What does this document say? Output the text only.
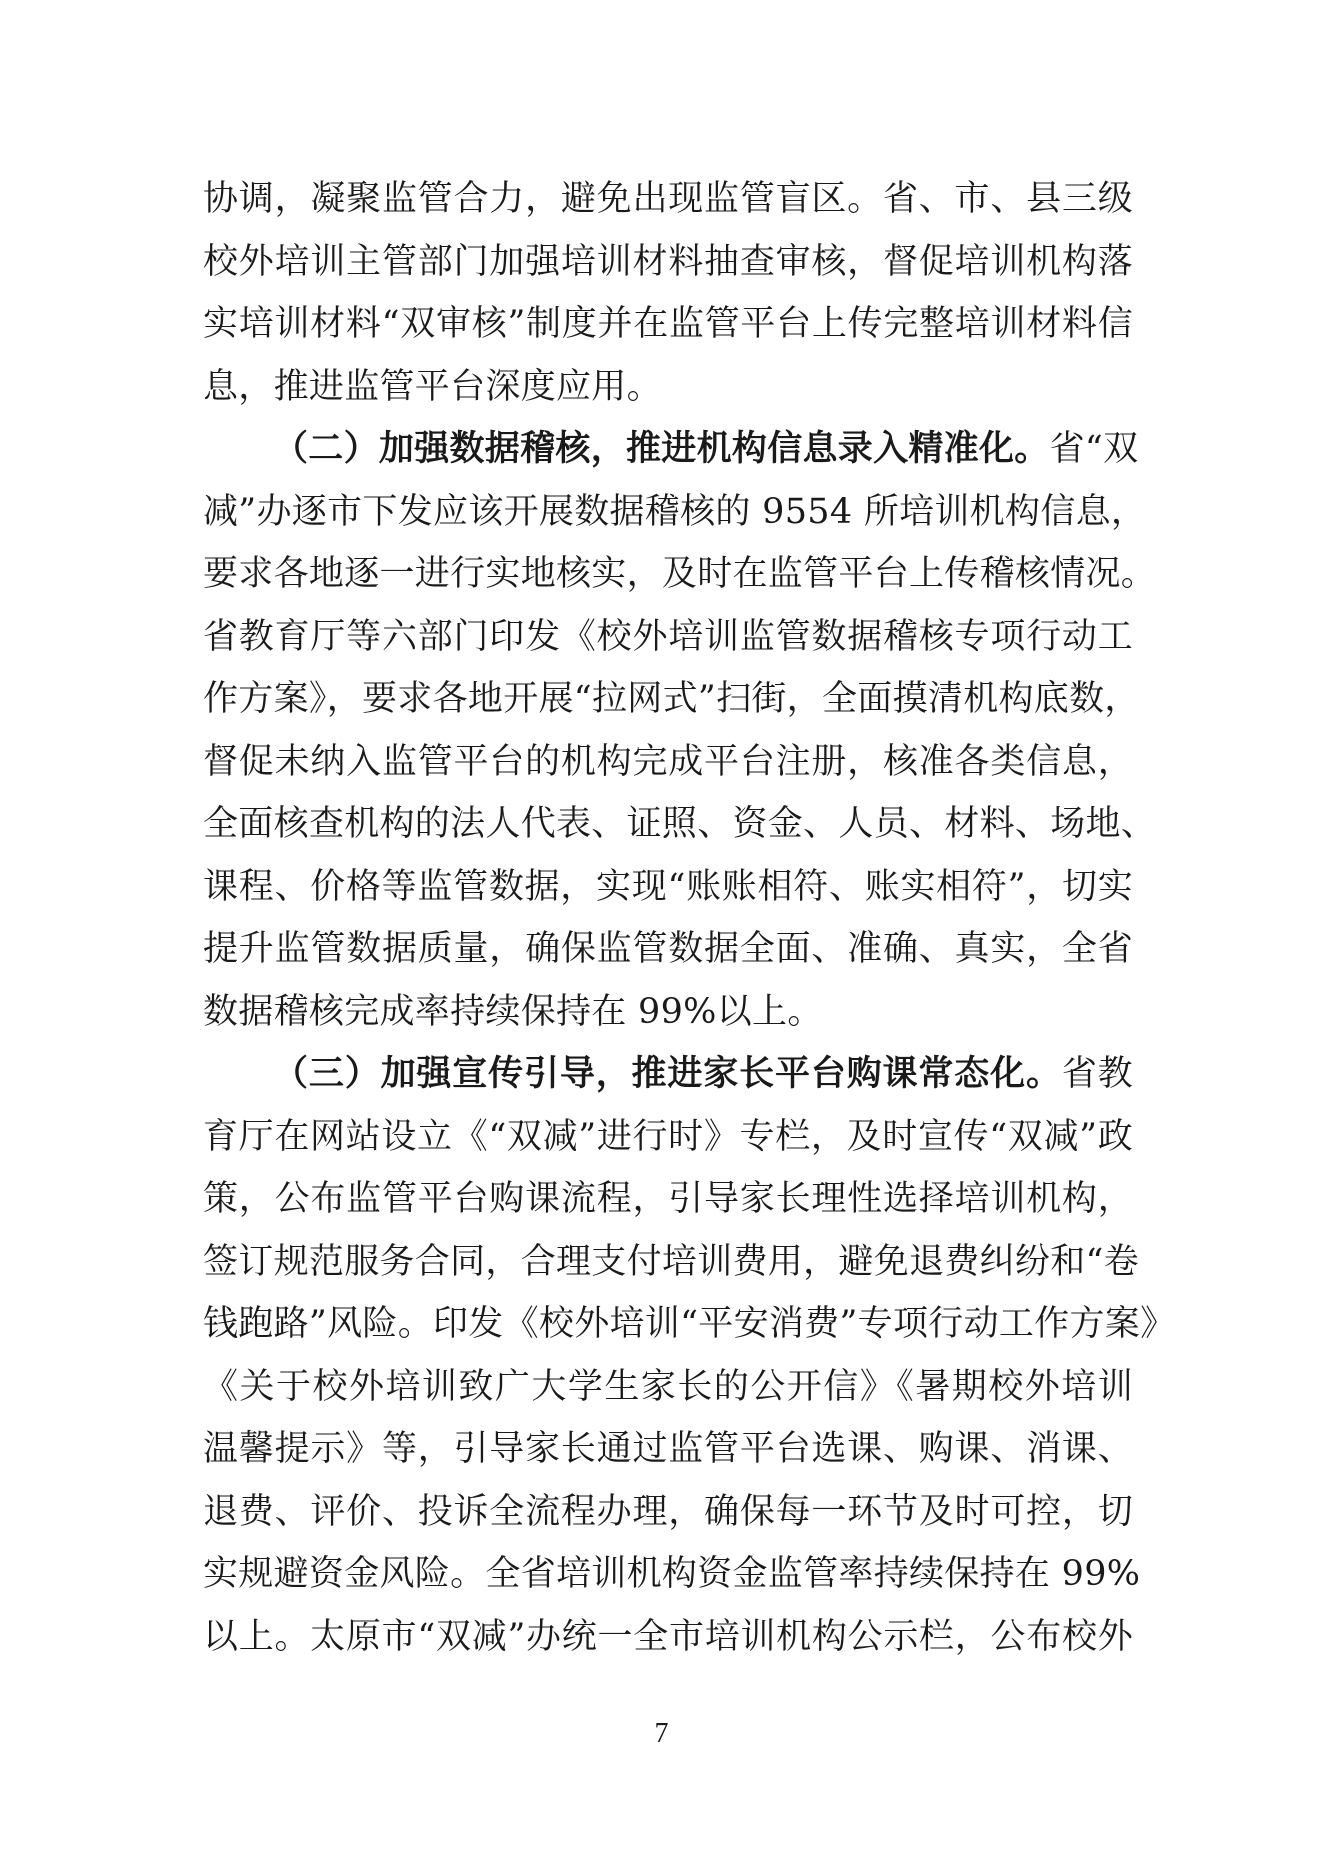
协调，凝聚监管合力，避免出现监管盲区。省、市、县三级
校外培训主管部门加强培训材料抽查审核，督促培训机构落
实培训材料“双审核”制度并在监管平台上传完整培训材料信
息，推进监管平台深度应用。
（二）加强数据稽核，推进机构信息录入精准化。省“双
减”办逐市下发应该开展数据稽核的 9554 所培训机构信息，
要求各地逐一进行实地核实，及时在监管平台上传稽核情况。
省教育厅等六部门印发《校外培训监管数据稽核专项行动工
作方案》，要求各地开展“拉网式”扫街，全面摸清机构底数，
督促未纳入监管平台的机构完成平台注册，核准各类信息，
全面核查机构的法人代表、证照、资金、人员、材料、场地、
课程、价格等监管数据，实现“账账相符、账实相符”，切实
提升监管数据质量，确保监管数据全面、准确、真实，全省
数据稽核完成率持续保持在 99%以上。
（三）加强宣传引导，推进家长平台购课常态化。省教
育厅在网站设立《“双减”进行时》专栏，及时宣传“双减”政
策，公布监管平台购课流程，引导家长理性选择培训机构，
签订规范服务合同，合理支付培训费用，避免退费纠纷和“卷
钱跑路”风险。印发《校外培训“平安消费”专项行动工作方案》
《关于校外培训致广大学生家长的公开信》《暑期校外培训
温馨提示》等，引导家长通过监管平台选课、购课、消课、
退费、评价、投诉全流程办理，确保每一环节及时可控，切
实规避资金风险。全省培训机构资金监管率持续保持在 99%
以上。太原市“双减”办统一全市培训机构公示栏，公布校外
7
